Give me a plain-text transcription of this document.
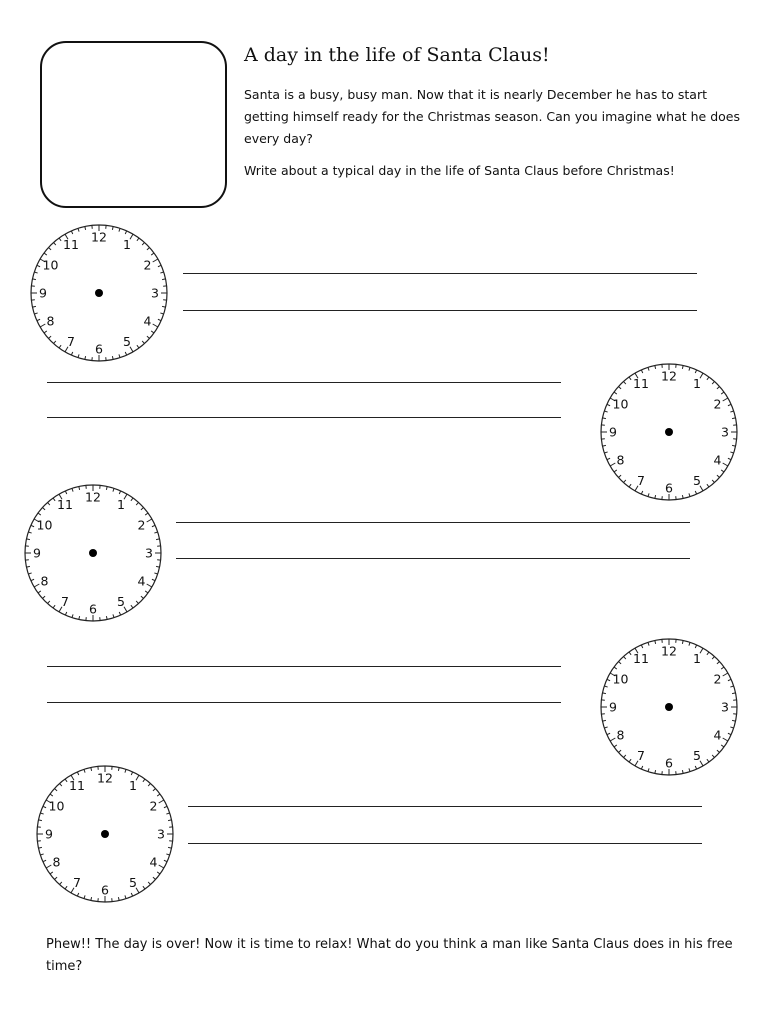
A day in the life of Santa Claus!

Santa is a busy, busy man. Now that it is nearly December he has to start getting himself ready for the Christmas season. Can you imagine what he does every day?

Write about a typical day in the life of Santa Claus before Christmas!

12
1
2
3
4
5
6
7
8
9
10
11
12
1
2
3
4
5
6
7
8
9
10
11
12
1
2
3
4
5
6
7
8
9
10
11
12
1
2
3
4
5
6
7
8
9
10
11
12
1
2
3
4
5
6
7
8
9
10
11

Phew!! The day is over! Now it is time to relax! What do you think a man like Santa Claus does in his free time?
